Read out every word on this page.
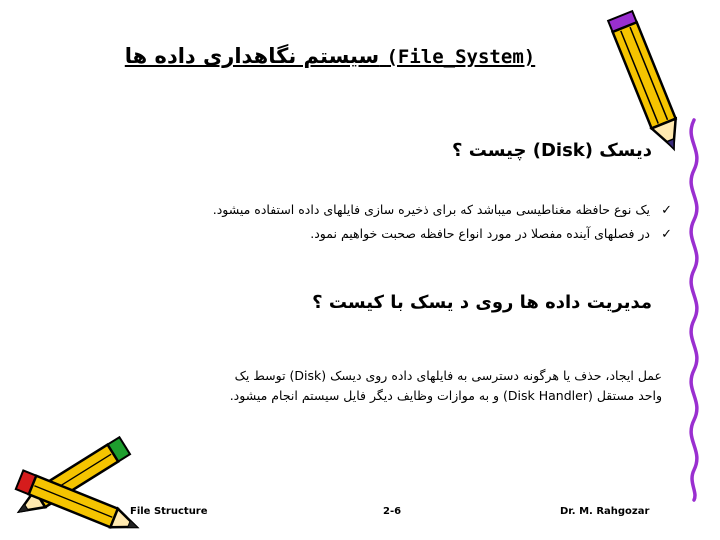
سیستم نگاهداری داده ها (File_System)
دیسک (Disk) چیست ؟
✓یک نوع حافظه مغناطیسی میباشد که برای ذخیره سازی فایلهای داده استفاده میشود.
✓در فصلهای آینده مفصلا در مورد انواع حافظه صحبت خواهیم نمود.
مدیریت داده ها روی د یسک با کیست ؟

عمل ایجاد، حذف یا هرگونه دسترسی به فایلهای داده روی دیسک (Disk) توسط یک
واحد مستقل (Disk Handler) و به موازات وظایف دیگر فایل سیستم انجام میشود.

File Structure	2-6	Dr. M. Rahgozar
